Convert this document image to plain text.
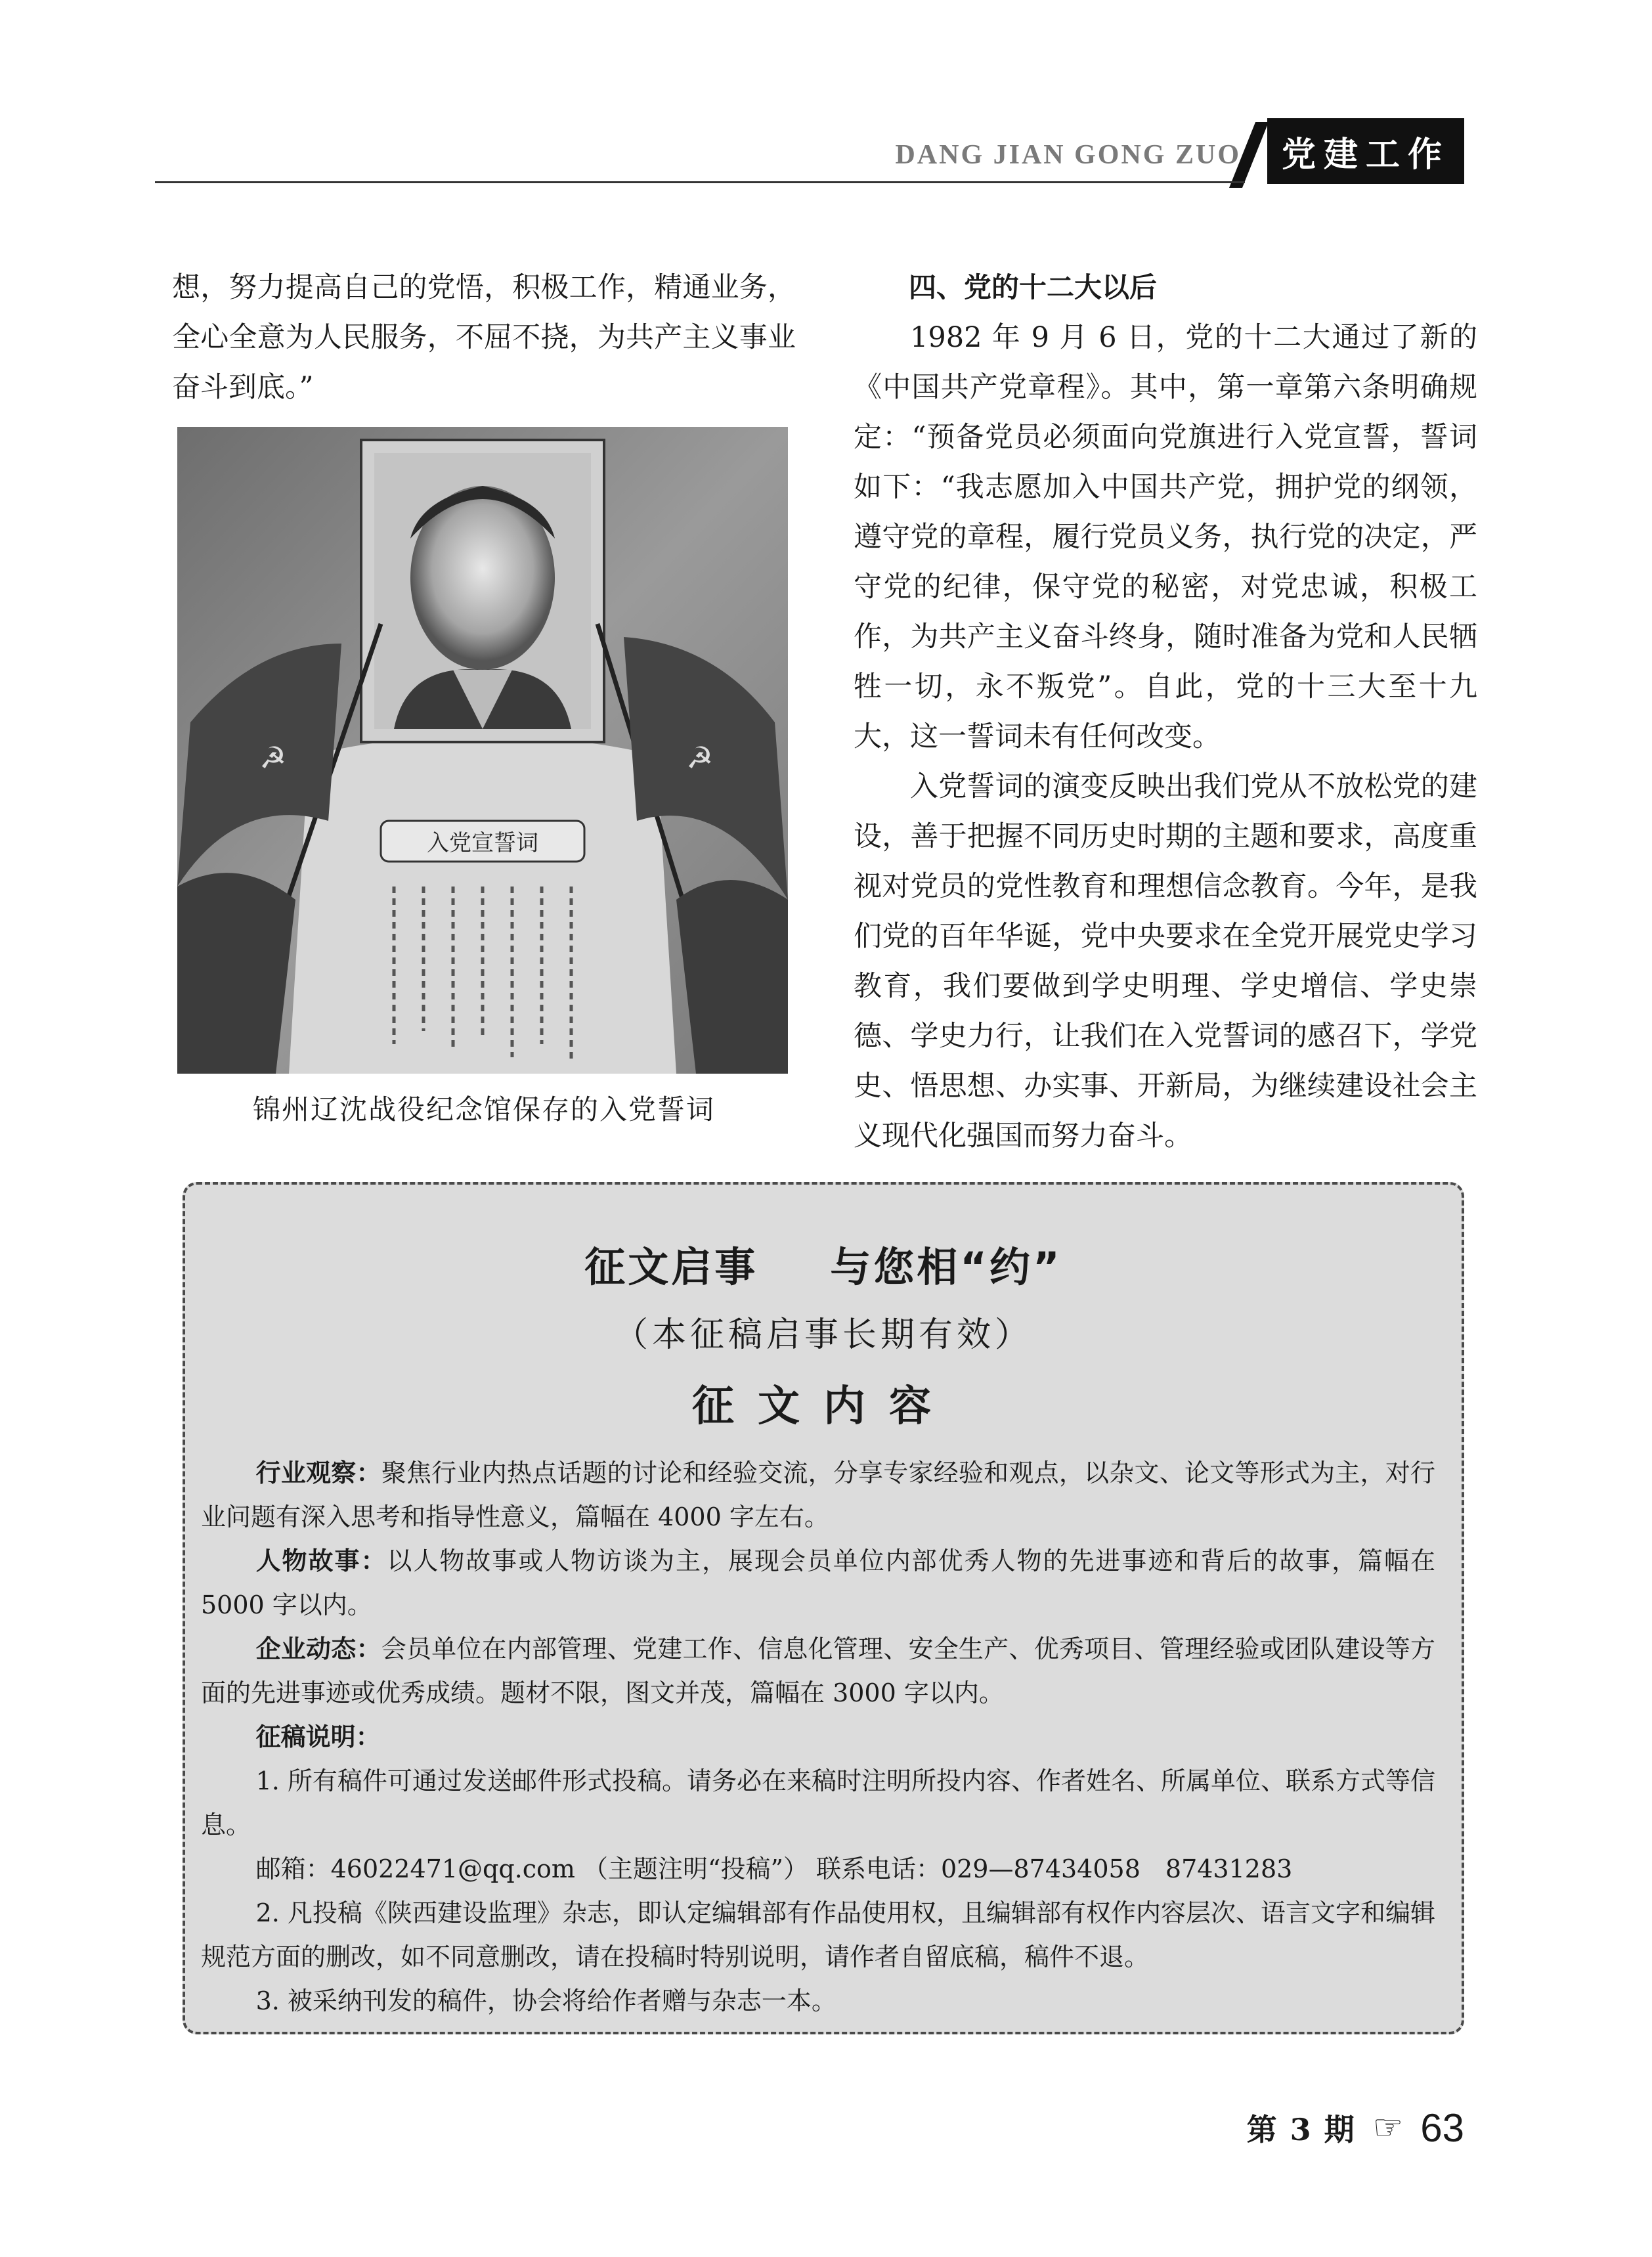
DANG JIAN GONG ZUO	党建工作

想，努力提高自己的党悟，积极工作，精通业务，全心全意为人民服务，不屈不挠，为共产主义事业奋斗到底。”

☭	☭
入党宣誓词
锦州辽沈战役纪念馆保存的入党誓词

四、党的十二大以后

1982 年 9 月 6 日，党的十二大通过了新的《中国共产党章程》。其中，第一章第六条明确规定：“预备党员必须面向党旗进行入党宣誓，誓词如下：“我志愿加入中国共产党，拥护党的纲领，遵守党的章程，履行党员义务，执行党的决定，严守党的纪律，保守党的秘密，对党忠诚，积极工作，为共产主义奋斗终身，随时准备为党和人民牺牲一切，永不叛党”。自此，党的十三大至十九大，这一誓词未有任何改变。

入党誓词的演变反映出我们党从不放松党的建设，善于把握不同历史时期的主题和要求，高度重视对党员的党性教育和理想信念教育。今年，是我们党的百年华诞，党中央要求在全党开展党史学习教育，我们要做到学史明理、学史增信、学史崇德、学史力行，让我们在入党誓词的感召下，学党史、悟思想、办实事、开新局，为继续建设社会主义现代化强国而努力奋斗。

征文启事 与您相“约”
（本征稿启事长期有效）
征文内容

行业观察：聚焦行业内热点话题的讨论和经验交流，分享专家经验和观点，以杂文、论文等形式为主，对行业问题有深入思考和指导性意义，篇幅在 4000 字左右。

人物故事：以人物故事或人物访谈为主，展现会员单位内部优秀人物的先进事迹和背后的故事，篇幅在 5000 字以内。

企业动态：会员单位在内部管理、党建工作、信息化管理、安全生产、优秀项目、管理经验或团队建设等方面的先进事迹或优秀成绩。题材不限，图文并茂，篇幅在 3000 字以内。

征稿说明：

1. 所有稿件可通过发送邮件形式投稿。请务必在来稿时注明所投内容、作者姓名、所属单位、联系方式等信息。

邮箱：46022471@qq.com （主题注明“投稿”） 联系电话：029—87434058　87431283

2. 凡投稿《陕西建设监理》杂志，即认定编辑部有作品使用权，且编辑部有权作内容层次、语言文字和编辑规范方面的删改，如不同意删改，请在投稿时特别说明，请作者自留底稿，稿件不退。

3. 被采纳刊发的稿件，协会将给作者赠与杂志一本。

第 3 期 ☞ 63
